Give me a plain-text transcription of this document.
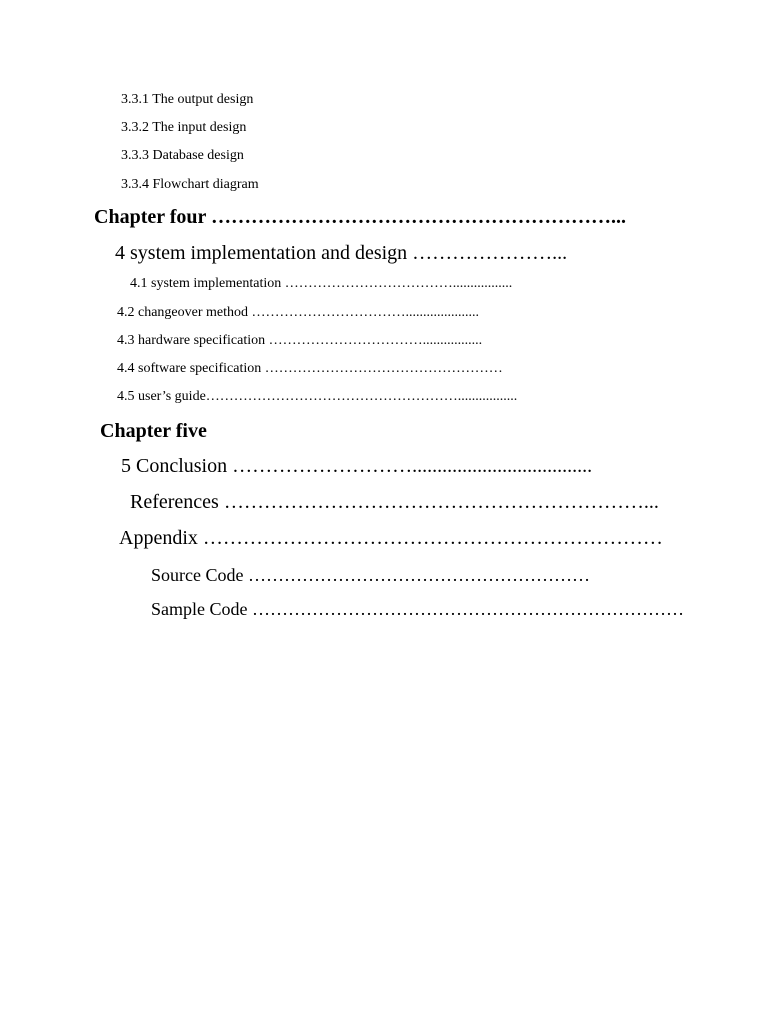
3.3.1 The output design
3.3.2 The input design
3.3.3 Database design
3.3.4 Flowchart diagram
Chapter four ……………………………………………………...
4 system implementation and design …………………...
4.1 system implementation ……………………………….................
4.2 changeover method …………………………….....................
4.3 hardware specification …………………………….................
4.4 software specification ……………………………………………
4.5 user’s guide……………………………………………….................
Chapter five
5 Conclusion ………………………....................................
References ………………………………………………………...
Appendix ……………………………………………………………
Source Code …………………………………………………
Sample Code ………………………………………………………………
